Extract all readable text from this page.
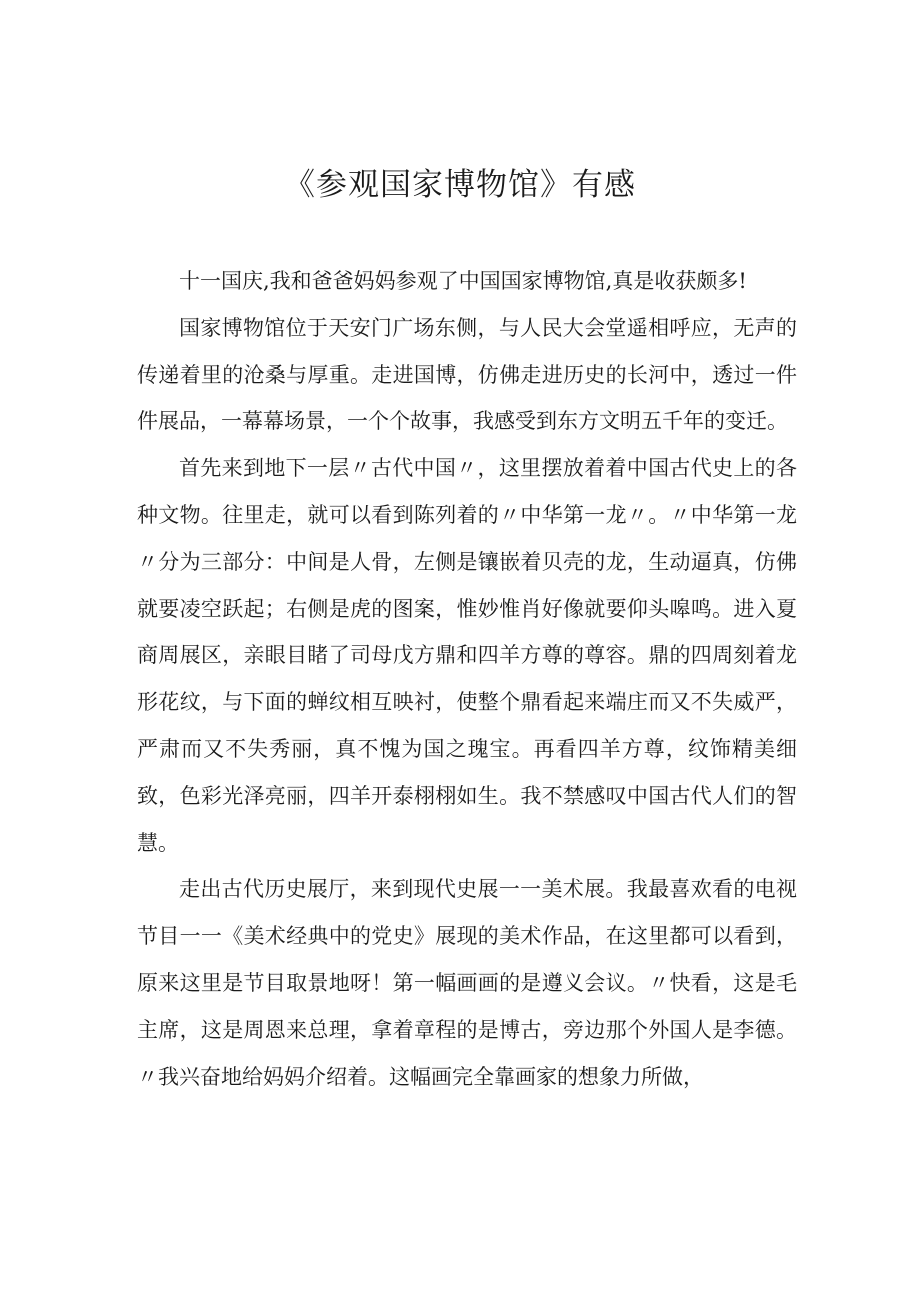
《参观国家博物馆》有感

十一国庆,我和爸爸妈妈参观了中国国家博物馆,真是收获颇多!

国家博物馆位于天安门广场东侧，与人民大会堂遥相呼应，无声的传递着里的沧桑与厚重。走进国博，仿佛走进历史的长河中，透过一件件展品，一幕幕场景，一个个故事，我感受到东方文明五千年的变迁。

首先来到地下一层〃古代中国〃，这里摆放着着中国古代史上的各种文物。往里走，就可以看到陈列着的〃中华第一龙〃。〃中华第一龙〃分为三部分：中间是人骨，左侧是镶嵌着贝壳的龙，生动逼真，仿佛就要凌空跃起；右侧是虎的图案，惟妙惟肖好像就要仰头嗥鸣。进入夏商周展区，亲眼目睹了司母戊方鼎和四羊方尊的尊容。鼎的四周刻着龙形花纹，与下面的蝉纹相互映衬，使整个鼎看起来端庄而又不失威严，严肃而又不失秀丽，真不愧为国之瑰宝。再看四羊方尊，纹饰精美细致，色彩光泽亮丽，四羊开泰栩栩如生。我不禁感叹中国古代人们的智慧。

走出古代历史展厅，来到现代史展一一美术展。我最喜欢看的电视节目一一《美术经典中的党史》展现的美术作品，在这里都可以看到，原来这里是节目取景地呀！第一幅画画的是遵义会议。〃快看，这是毛主席，这是周恩来总理，拿着章程的是博古，旁边那个外国人是李德。〃我兴奋地给妈妈介绍着。这幅画完全靠画家的想象力所做，
